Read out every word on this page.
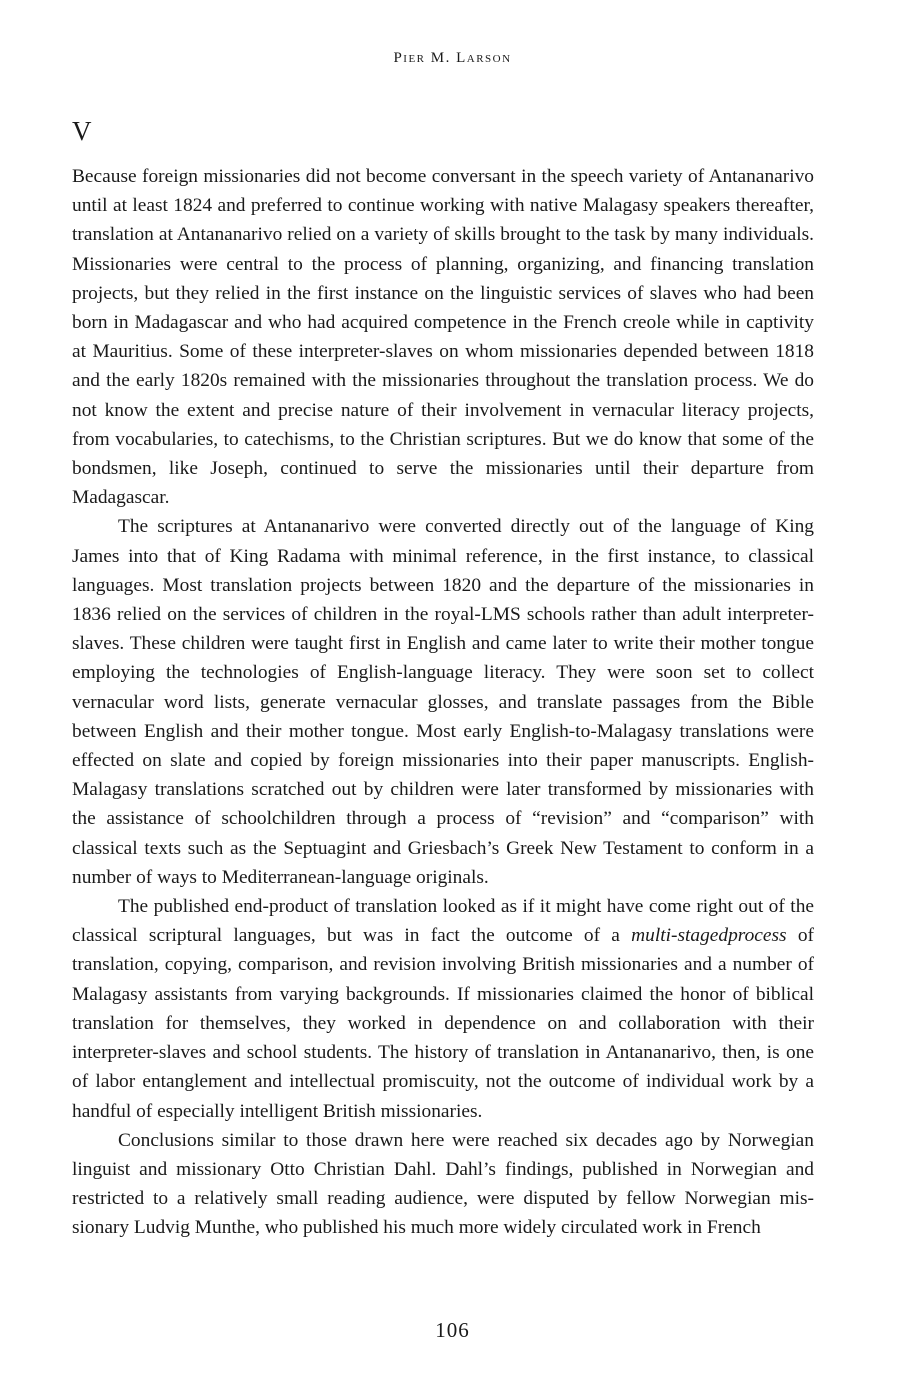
Pier M. Larson
V

Because foreign missionaries did not become conversant in the speech variety of Antananarivo until at least 1824 and preferred to continue working with native Malagasy speakers thereafter, translation at Antananarivo relied on a variety of skills brought to the task by many individuals. Missionaries were central to the process of planning, organizing, and financing translation projects, but they relied in the first instance on the linguistic services of slaves who had been born in Madagascar and who had acquired competence in the French creole while in captivity at Mauritius. Some of these interpreter-slaves on whom missionaries depended between 1818 and the early 1820s remained with the missionaries throughout the translation process. We do not know the extent and precise nature of their involvement in vernacular literacy projects, from vocabularies, to catechisms, to the Christian scriptures. But we do know that some of the bondsmen, like Joseph, continued to serve the missionaries until their departure from Madagascar.

The scriptures at Antananarivo were converted directly out of the language of King James into that of King Radama with minimal reference, in the first instance, to classical languages. Most translation projects between 1820 and the departure of the missionaries in 1836 relied on the services of children in the royal-LMS schools rather than adult interpreter-slaves. These children were taught first in English and came later to write their mother tongue employing the technologies of English-language literacy. They were soon set to collect vernacular word lists, generate vernacular glosses, and translate passages from the Bible between English and their mother tongue. Most early English-to-Malagasy translations were effected on slate and copied by foreign missionaries into their paper manuscripts. English-Malagasy translations scratched out by children were later transformed by missionaries with the assistance of schoolchildren through a process of “revision” and “comparison” with classical texts such as the Septuagint and Griesbach’s Greek New Testament to conform in a number of ways to Mediterranean-language originals.

The published end-product of translation looked as if it might have come right out of the classical scriptural languages, but was in fact the outcome of a multi-stagedprocess of translation, copying, comparison, and revision involving British missionaries and a number of Malagasy assistants from varying backgrounds. If missionaries claimed the honor of biblical translation for themselves, they worked in dependence on and collaboration with their interpreter-slaves and school students. The history of translation in Antananarivo, then, is one of labor entanglement and intellectual promiscuity, not the outcome of individual work by a handful of especially intelligent British missionaries.

Conclusions similar to those drawn here were reached six decades ago by Norwegian linguist and missionary Otto Christian Dahl. Dahl’s findings, published in Norwegian and restricted to a relatively small reading audience, were disputed by fellow Norwegian missionary Ludvig Munthe, who published his much more widely circulated work in French

106
